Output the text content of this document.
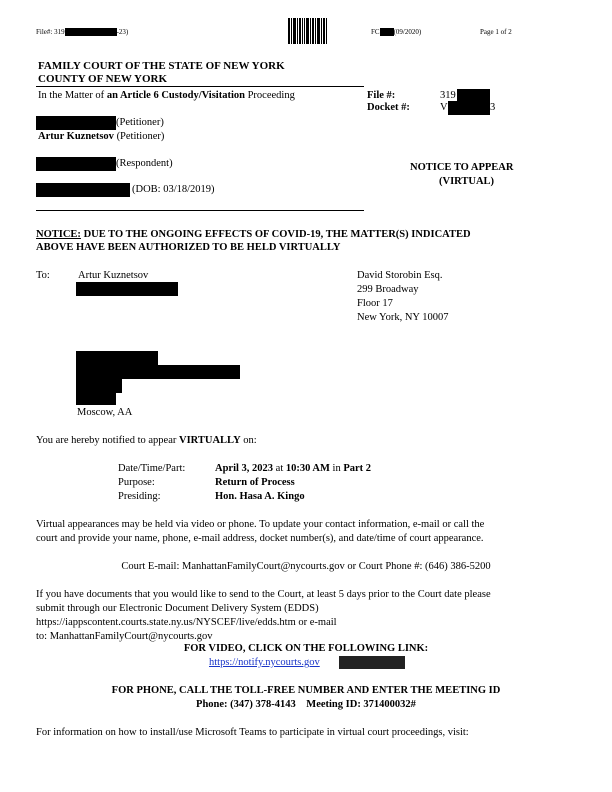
File#: 319	-23)	FC (09/2020)	Page 1 of 2
FAMILY COURT OF THE STATE OF NEW YORK
COUNTY OF NEW YORK
In the Matter of an Article 6 Custody/Visitation Proceeding	File #:	319
Docket #:	V	3
(Petitioner)
Artur Kuznetsov (Petitioner)
(Respondent)
(DOB: 03/18/2019)
NOTICE TO APPEAR
(VIRTUAL)
NOTICE: DUE TO THE ONGOING EFFECTS OF COVID-19, THE MATTER(S) INDICATED
ABOVE HAVE BEEN AUTHORIZED TO BE HELD VIRTUALLY
To:	Artur Kuznetsov
Moscow, AA
David Storobin Esq.
299 Broadway
Floor 17
New York, NY 10007
You are hereby notified to appear VIRTUALLY on:
Date/Time/Part:	April 3, 2023 at 10:30 AM in Part 2
Purpose:	Return of Process
Presiding:	Hon. Hasa A. Kingo
Virtual appearances may be held via video or phone. To update your contact information, e-mail or call the
court and provide your name, phone, e-mail address, docket number(s), and date/time of court appearance.
Court E-mail: ManhattanFamilyCourt@nycourts.gov or Court Phone #: (646) 386-5200
If you have documents that you would like to send to the Court, at least 5 days prior to the Court date please
submit through our Electronic Document Delivery System (EDDS)
https://iappscontent.courts.state.ny.us/NYSCEF/live/edds.htm or e-mail
to: ManhattanFamilyCourt@nycourts.gov
FOR VIDEO, CLICK ON THE FOLLOWING LINK:
https://notify.nycourts.gov
FOR PHONE, CALL THE TOLL-FREE NUMBER AND ENTER THE MEETING ID
Phone: (347) 378-4143    Meeting ID: 371400032#
For information on how to install/use Microsoft Teams to participate in virtual court proceedings, visit:
